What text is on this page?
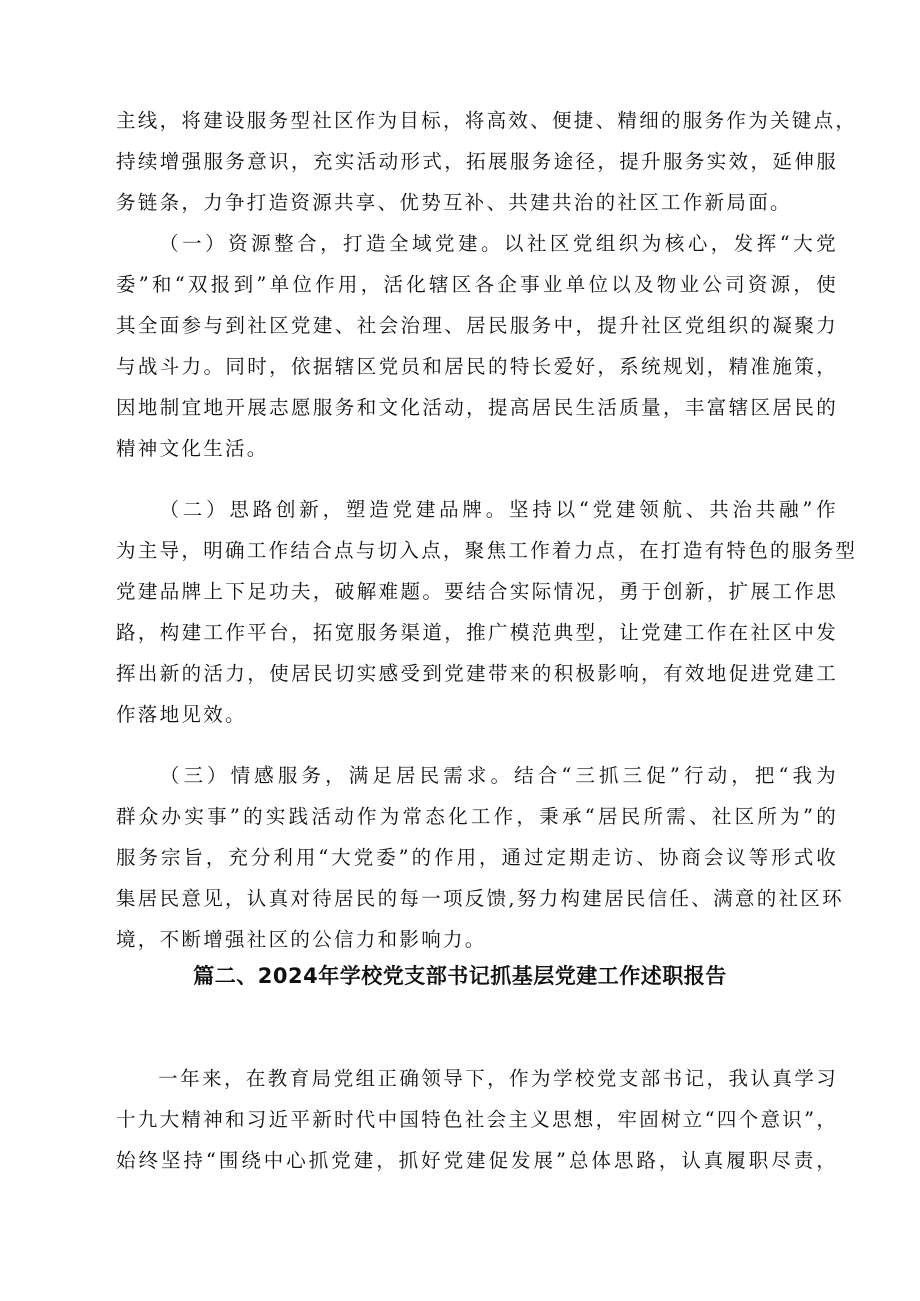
主线，将建设服务型社区作为目标，将高效、便捷、精细的服务作为关键点，
持续增强服务意识，充实活动形式，拓展服务途径，提升服务实效，延伸服
务链条，力争打造资源共享、优势互补、共建共治的社区工作新局面。
（一）资源整合，打造全域党建。以社区党组织为核心，发挥“大党
委”和“双报到”单位作用，活化辖区各企事业单位以及物业公司资源，使
其全面参与到社区党建、社会治理、居民服务中，提升社区党组织的凝聚力
与战斗力。同时，依据辖区党员和居民的特长爱好，系统规划，精准施策，
因地制宜地开展志愿服务和文化活动，提高居民生活质量，丰富辖区居民的
精神文化生活。
（二）思路创新，塑造党建品牌。坚持以“党建领航、共治共融”作
为主导，明确工作结合点与切入点，聚焦工作着力点，在打造有特色的服务型
党建品牌上下足功夫，破解难题。要结合实际情况，勇于创新，扩展工作思
路，构建工作平台，拓宽服务渠道，推广模范典型，让党建工作在社区中发
挥出新的活力，使居民切实感受到党建带来的积极影响，有效地促进党建工
作落地见效。
（三）情感服务，满足居民需求。结合“三抓三促”行动，把“我为
群众办实事”的实践活动作为常态化工作，秉承“居民所需、社区所为”的
服务宗旨，充分利用“大党委”的作用，通过定期走访、协商会议等形式收
集居民意见，认真对待居民的每一项反馈,努力构建居民信任、满意的社区环
境，不断增强社区的公信力和影响力。
篇二、2024年学校党支部书记抓基层党建工作述职报告
一年来，在教育局党组正确领导下，作为学校党支部书记，我认真学习
十九大精神和习近平新时代中国特色社会主义思想，牢固树立“四个意识”，
始终坚持“围绕中心抓党建，抓好党建促发展”总体思路，认真履职尽责，
